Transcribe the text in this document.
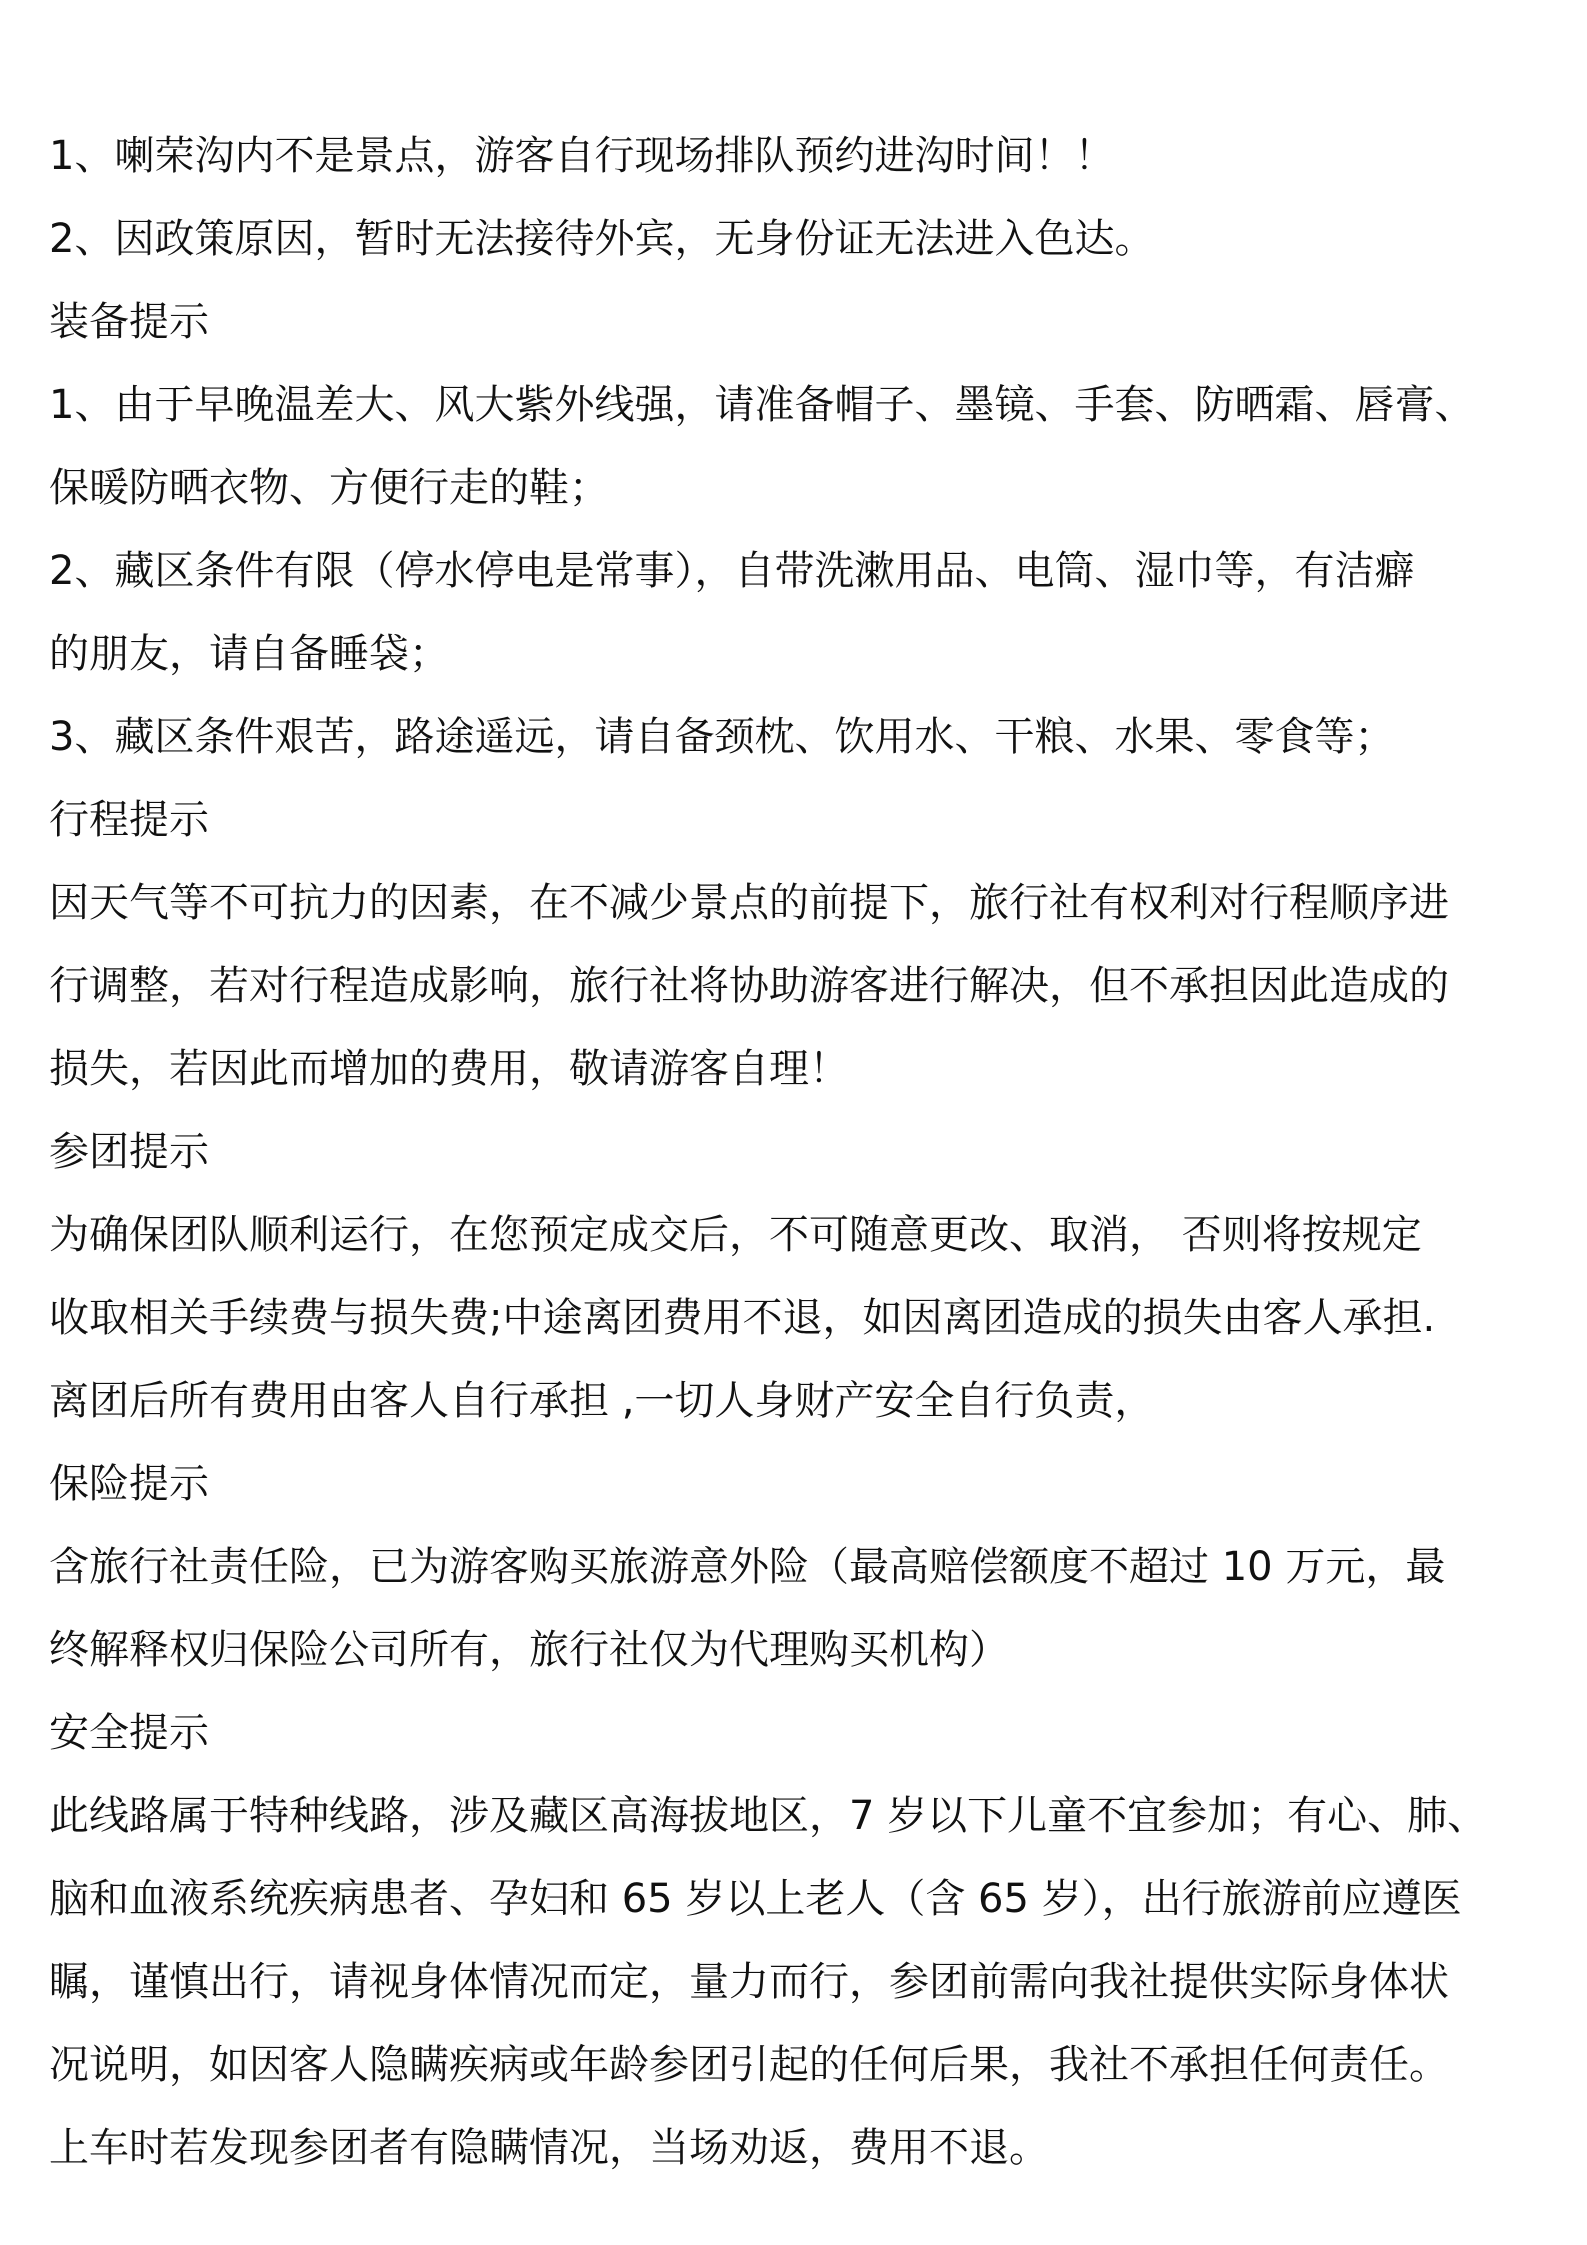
1、喇荣沟内不是景点，游客自行现场排队预约进沟时间！！

2、因政策原因，暂时无法接待外宾，无身份证无法进入色达。

装备提示

1、由于早晚温差大、风大紫外线强，请准备帽子、墨镜、手套、防晒霜、唇膏、

保暖防晒衣物、方便行走的鞋；

2、藏区条件有限（停水停电是常事），自带洗漱用品、电筒、湿巾等，有洁癖

的朋友，请自备睡袋；

3、藏区条件艰苦，路途遥远，请自备颈枕、饮用水、干粮、水果、零食等；

行程提示

因天气等不可抗力的因素，在不减少景点的前提下，旅行社有权利对行程顺序进

行调整，若对行程造成影响，旅行社将协助游客进行解决，但不承担因此造成的

损失，若因此而增加的费用，敬请游客自理！

参团提示

为确保团队顺利运行，在您预定成交后，不可随意更改、取消， 否则将按规定

收取相关手续费与损失费;中途离团费用不退，如因离团造成的损失由客人承担.

离团后所有费用由客人自行承担 ,一切人身财产安全自行负责，

保险提示

含旅行社责任险，已为游客购买旅游意外险（最高赔偿额度不超过 10 万元，最

终解释权归保险公司所有，旅行社仅为代理购买机构）

安全提示

此线路属于特种线路，涉及藏区高海拔地区，7 岁以下儿童不宜参加；有心、肺、

脑和血液系统疾病患者、孕妇和 65 岁以上老人（含 65 岁），出行旅游前应遵医

瞩，谨慎出行，请视身体情况而定，量力而行，参团前需向我社提供实际身体状

况说明，如因客人隐瞒疾病或年龄参团引起的任何后果，我社不承担任何责任。

上车时若发现参团者有隐瞒情况，当场劝返，费用不退。
